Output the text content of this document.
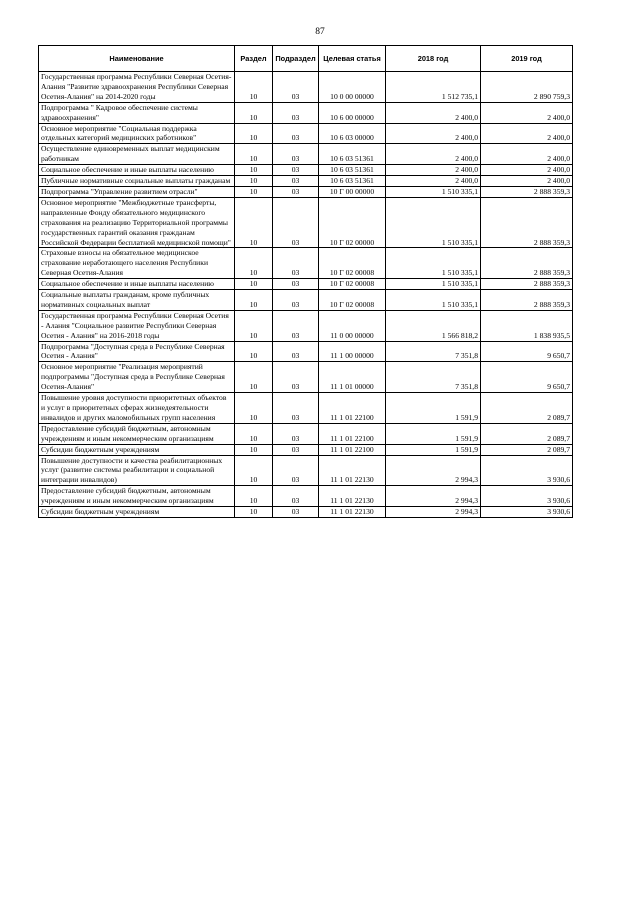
87
Наименование	Раздел	Подраздел	Целевая статья	2018 год	2019 год
Государственная программа Республики Северная Осетия-Алания "Развитие здравоохранения Республики Северная Осетия-Алания" на 2014-2020 годы	10	03	10 0 00 00000	1 512 735,1	2 890 759,3
Подпрограмма " Кадровое обеспечение системы здравоохранения"	10	03	10 6 00 00000	2 400,0	2 400,0
Основное мероприятие "Социальная поддержка отдельных категорий медицинских работников"	10	03	10 6 03 00000	2 400,0	2 400,0
Осуществление единовременных выплат медицинским работникам	10	03	10 6 03 51361	2 400,0	2 400,0
Социальное обеспечение и иные выплаты населению	10	03	10 6 03 51361	2 400,0	2 400,0
Публичные нормативные социальные выплаты гражданам	10	03	10 6 03 51361	2 400,0	2 400,0
Подпрограмма "Управление развитием отрасли"	10	03	10 Г 00 00000	1 510 335,1	2 888 359,3
Основное мероприятие "Межбюджетные трансферты, направленные Фонду обязательного медицинского страхования на реализацию Территориальной программы государственных гарантий оказания гражданам Российской Федерации бесплатной медицинской помощи"	10	03	10 Г 02 00000	1 510 335,1	2 888 359,3
Страховые взносы на обязательное медицинское страхование неработающего населения Республики Северная Осетия-Алания	10	03	10 Г 02 00008	1 510 335,1	2 888 359,3
Социальное обеспечение и иные выплаты населению	10	03	10 Г 02 00008	1 510 335,1	2 888 359,3
Социальные выплаты гражданам, кроме публичных нормативных социальных выплат	10	03	10 Г 02 00008	1 510 335,1	2 888 359,3
Государственная программа Республики Северная Осетия - Алания "Социальное развитие Республики Северная Осетия - Алания" на 2016-2018 годы	10	03	11 0 00 00000	1 566 818,2	1 838 935,5
Подпрограмма "Доступная среда в Республике Северная Осетия - Алания"	10	03	11 1 00 00000	7 351,8	9 650,7
Основное мероприятие "Реализация мероприятий подпрограммы "Доступная среда в Республике Северная Осетия-Алания"	10	03	11 1 01 00000	7 351,8	9 650,7
Повышение уровня доступности приоритетных объектов и услуг в приоритетных сферах жизнедеятельности инвалидов и других маломобильных групп населения	10	03	11 1 01 22100	1 591,9	2 089,7
Предоставление субсидий бюджетным, автономным учреждениям и иным некоммерческим организациям	10	03	11 1 01 22100	1 591,9	2 089,7
Субсидии бюджетным учреждениям	10	03	11 1 01 22100	1 591,9	2 089,7
Повышение доступности и качества реабилитационных услуг (развитие системы реабилитации и социальной интеграции инвалидов)	10	03	11 1 01 22130	2 994,3	3 930,6
Предоставление субсидий бюджетным, автономным учреждениям и иным некоммерческим организациям	10	03	11 1 01 22130	2 994,3	3 930,6
Субсидии бюджетным учреждениям	10	03	11 1 01 22130	2 994,3	3 930,6
